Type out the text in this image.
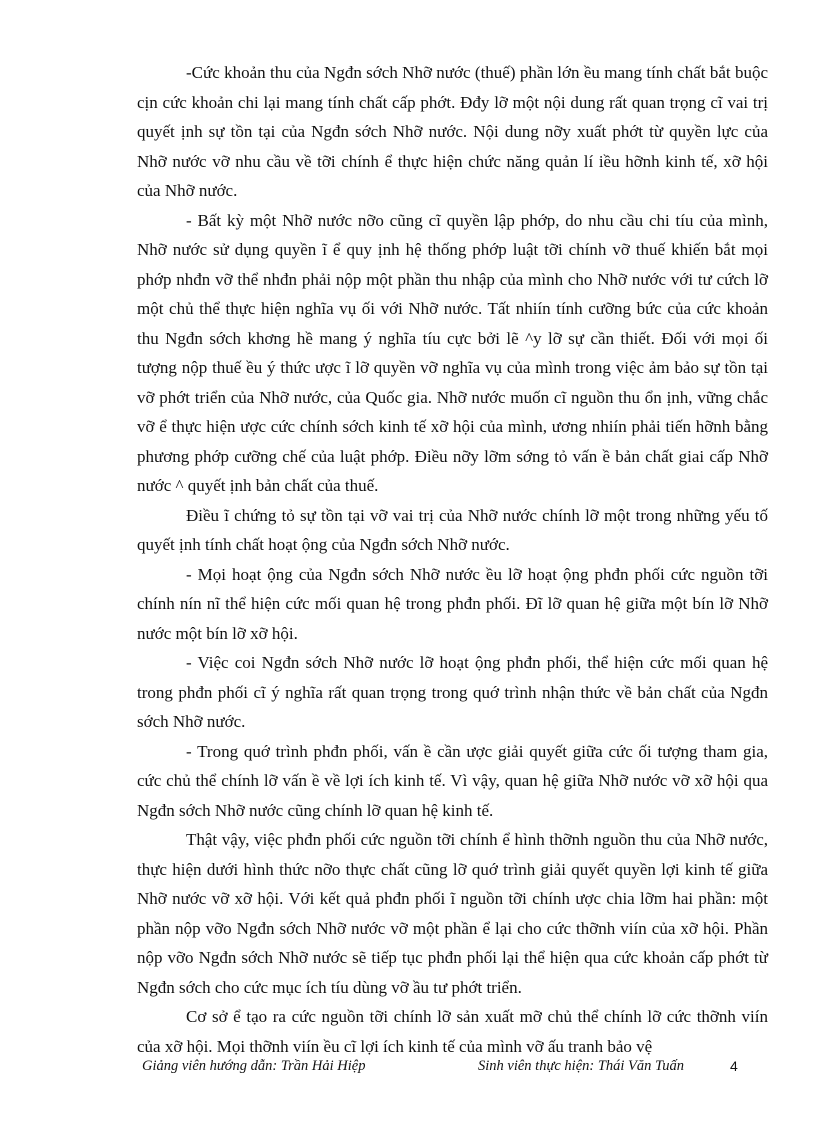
-Cức khoản thu của Ngđn sớch Nhỡ nước (thuế) phần lớn ều mang tính chất bắt buộc cịn cức khoản chi lại mang tính chất cấp phớt. Đđy lỡ một nội dung rất quan trọng cĩ vai trị quyết ịnh sự tồn tại của Ngđn sớch Nhỡ nước. Nội dung nỡy xuất phớt từ quyền lực của Nhỡ nước vỡ nhu cầu về tỡi chính ể thực hiện chức năng quản lí iều hỡnh kinh tế, xỡ hội của Nhỡ nước.

- Bất kỳ một Nhỡ nước nỡo cũng cĩ quyền lập phớp, do nhu cầu chi tíu của mình, Nhỡ nước sử dụng quyền ĩ ể quy ịnh hệ thống phớp luật tỡi chính vỡ thuế khiến bắt mọi phớp nhđn vỡ thể nhđn phải nộp một phần thu nhập của mình cho Nhỡ nước với tư cứch lỡ một chủ thể thực hiện nghĩa vụ ối với Nhỡ nước. Tất nhiín tính cưỡng bức của cức khoản thu Ngđn sớch khơng hề mang ý nghĩa tíu cực bởi lẽ ^y lỡ sự cần thiết. Đối với mọi ối tượng nộp thuế ều ý thức ược ĩ lỡ quyền vỡ nghĩa vụ của mình trong việc ảm bảo sự tồn tại vỡ phớt triển của Nhỡ nước, của Quốc gia. Nhỡ nước muốn cĩ nguồn thu ổn ịnh, vững chắc vỡ ể thực hiện ược cức chính sớch kinh tế xỡ hội của mình, ương nhiín phải tiến hỡnh bằng phương phớp cưỡng chế của luật phớp. Điều nỡy lỡm sớng tỏ vấn ề bản chất giai cấp Nhỡ nước ^ quyết ịnh bản chất của thuế.

Điều ĩ chứng tỏ sự tồn tại vỡ vai trị của Nhỡ nước chính lỡ một trong những yếu tố quyết ịnh tính chất hoạt ộng của Ngđn sớch Nhỡ nước.

- Mọi hoạt ộng của Ngđn sớch Nhỡ nước ều lỡ hoạt ộng phđn phối cức nguồn tỡi chính nín nĩ thể hiện cức mối quan hệ trong phđn phối. Đĩ lỡ quan hệ giữa một bín lỡ Nhỡ nước một bín lỡ xỡ hội.

- Việc coi Ngđn sớch Nhỡ nước lỡ hoạt ộng phđn phối, thể hiện cức mối quan hệ trong phđn phối cĩ ý nghĩa rất quan trọng trong quớ trình nhận thức về bản chất của Ngđn sớch Nhỡ nước.

- Trong quớ trình phđn phối, vấn ề cần ược giải quyết giữa cức ối tượng tham gia, cức chủ thể chính lỡ vấn ề về lợi ích kinh tế. Vì vậy, quan hệ giữa Nhỡ nước vỡ xỡ hội qua Ngđn sớch Nhỡ nước cũng chính lỡ quan hệ kinh tế.

Thật vậy, việc phđn phối cức nguồn tỡi chính ể hình thỡnh nguồn thu của Nhỡ nước, thực hiện dưới hình thức nỡo thực chất cũng lỡ quớ trình giải quyết quyền lợi kinh tế giữa Nhỡ nước vỡ xỡ hội. Với kết quả phđn phối ĩ nguồn tỡi chính ược chia lỡm hai phần: một phần nộp vỡo Ngđn sớch Nhỡ nước vỡ một phần ể lại cho cức thỡnh viín của xỡ hội. Phần nộp vỡo Ngđn sớch Nhỡ nước sẽ tiếp tục phđn phối lại thể hiện qua cức khoản cấp phớt từ Ngđn sớch cho cức mục ích tíu dùng vỡ ầu tư phớt triển.

Cơ sở ể tạo ra cức nguồn tỡi chính lỡ sản xuất mỡ chủ thể chính lỡ cức thỡnh viín của xỡ hội. Mọi thỡnh viín ều cĩ lợi ích kinh tế của mình vỡ ấu tranh bảo vệ

Giảng viên hướng dẫn: Trần Hải Hiệp	Sinh viên thực hiện: Thái Văn Tuấn	4
